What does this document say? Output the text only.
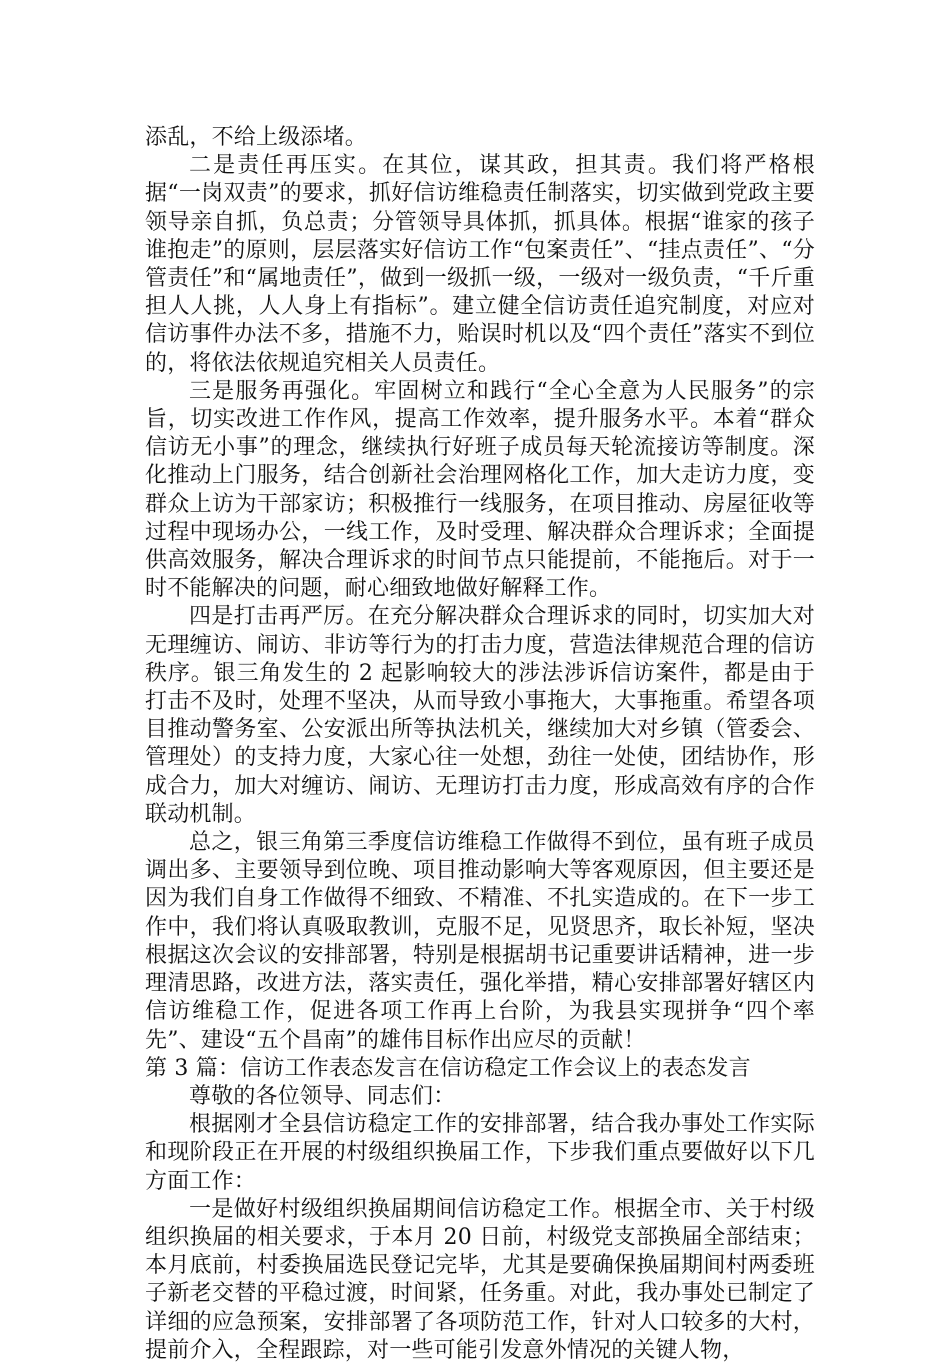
添乱，不给上级添堵。

二是责任再压实。在其位，谋其政，担其责。我们将严格根据“一岗双责”的要求，抓好信访维稳责任制落实，切实做到党政主要领导亲自抓，负总责；分管领导具体抓，抓具体。根据“谁家的孩子谁抱走”的原则，层层落实好信访工作“包案责任”、“挂点责任”、“分管责任”和“属地责任”，做到一级抓一级，一级对一级负责，“千斤重担人人挑，人人身上有指标”。建立健全信访责任追究制度，对应对信访事件办法不多，措施不力，贻误时机以及“四个责任”落实不到位的，将依法依规追究相关人员责任。

三是服务再强化。牢固树立和践行“全心全意为人民服务”的宗旨，切实改进工作作风，提高工作效率，提升服务水平。本着“群众信访无小事”的理念，继续执行好班子成员每天轮流接访等制度。深化推动上门服务，结合创新社会治理网格化工作，加大走访力度，变群众上访为干部家访；积极推行一线服务，在项目推动、房屋征收等过程中现场办公，一线工作，及时受理、解决群众合理诉求；全面提供高效服务，解决合理诉求的时间节点只能提前，不能拖后。对于一时不能解决的问题，耐心细致地做好解释工作。

四是打击再严厉。在充分解决群众合理诉求的同时，切实加大对无理缠访、闹访、非访等行为的打击力度，营造法律规范合理的信访秩序。银三角发生的 2 起影响较大的涉法涉诉信访案件，都是由于打击不及时，处理不坚决，从而导致小事拖大，大事拖重。希望各项目推动警务室、公安派出所等执法机关，继续加大对乡镇（管委会、管理处）的支持力度，大家心往一处想，劲往一处使，团结协作，形成合力，加大对缠访、闹访、无理访打击力度，形成高效有序的合作联动机制。

总之，银三角第三季度信访维稳工作做得不到位，虽有班子成员调出多、主要领导到位晚、项目推动影响大等客观原因，但主要还是因为我们自身工作做得不细致、不精准、不扎实造成的。在下一步工作中，我们将认真吸取教训，克服不足，见贤思齐，取长补短，坚决根据这次会议的安排部署，特别是根据胡书记重要讲话精神，进一步理清思路，改进方法，落实责任，强化举措，精心安排部署好辖区内信访维稳工作，促进各项工作再上台阶，为我县实现拼争“四个率先”、建设“五个昌南”的雄伟目标作出应尽的贡献！

第 3 篇：信访工作表态发言在信访稳定工作会议上的表态发言

尊敬的各位领导、同志们：

根据刚才全县信访稳定工作的安排部署，结合我办事处工作实际和现阶段正在开展的村级组织换届工作，下步我们重点要做好以下几方面工作：

一是做好村级组织换届期间信访稳定工作。根据全市、关于村级组织换届的相关要求，于本月 20 日前，村级党支部换届全部结束；本月底前，村委换届选民登记完毕，尤其是要确保换届期间村两委班子新老交替的平稳过渡，时间紧，任务重。对此，我办事处已制定了详细的应急预案，安排部署了各项防范工作，针对人口较多的大村，提前介入，全程跟踪，对一些可能引发意外情况的关键人物，
